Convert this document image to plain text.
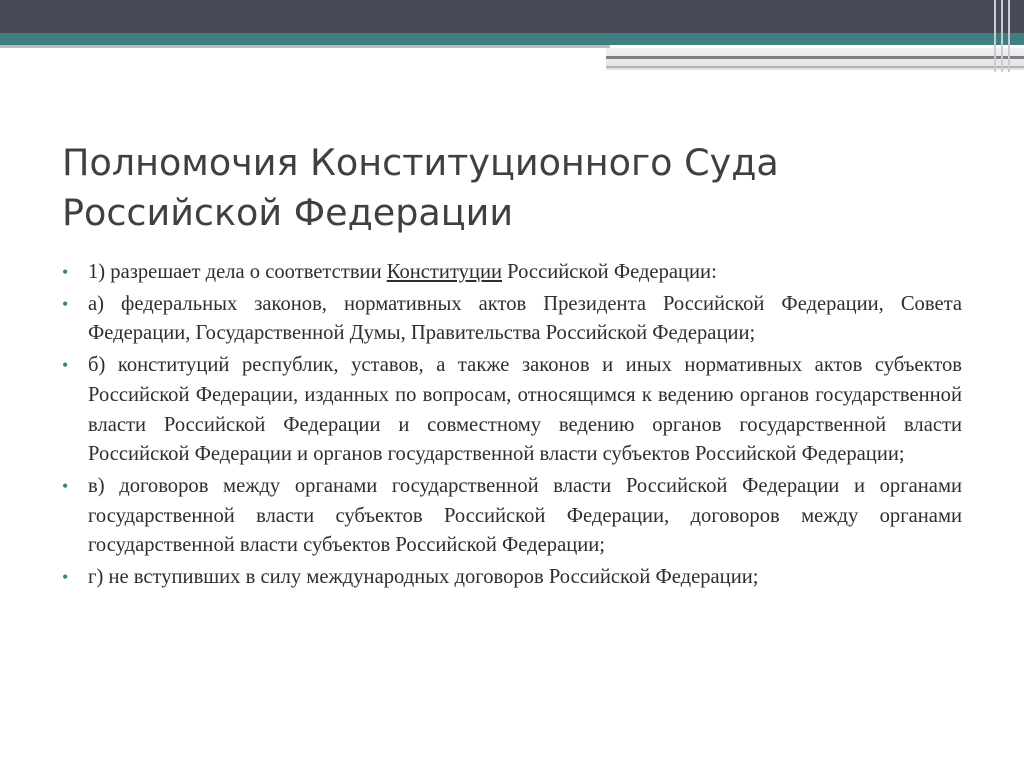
Полномочия Конституционного Суда
Российской Федерации
• 1) разрешает дела о соответствии Конституции Российской Федерации:
• а) федеральных законов, нормативных актов Президента Российской Федерации, Совета Федерации, Государственной Думы, Правительства Российской Федерации;
• б) конституций республик, уставов, а также законов и иных нормативных актов субъектов Российской Федерации, изданных по вопросам, относящимся к ведению органов государственной власти Российской Федерации и совместному ведению органов государственной власти Российской Федерации и органов государственной власти субъектов Российской Федерации;
• в) договоров между органами государственной власти Российской Федерации и органами государственной власти субъектов Российской Федерации, договоров между органами государственной власти субъектов Российской Федерации;
• г) не вступивших в силу международных договоров Российской Федерации;
